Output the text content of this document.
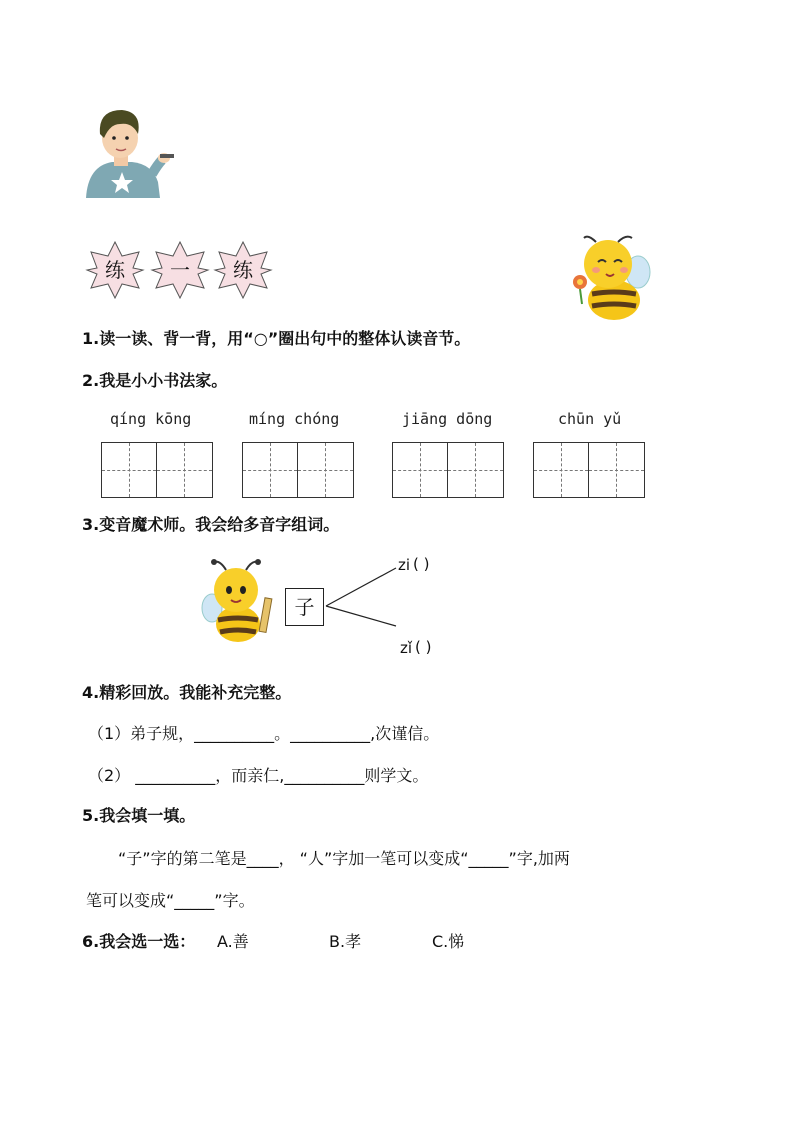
练	一	练
1.读一读、背一背，用“○”圈出句中的整体认读音节。
2.我是小小书法家。
qíng kōng	míng chóng	jiāng dōng	chūn yǔ
3.变音魔术师。我会给多音字组词。
子
zi ( )
zǐ ( )
4.精彩回放。我能补充完整。
（1）弟子规，__________。__________,次谨信。
（2） __________，而亲仁,__________则学文。
5.我会填一填。
“子”字的第二笔是____， “人”字加一笔可以变成“_____”字,加两
笔可以变成“_____”字。
6.我会选一选： A.善	B.孝	C.悌
